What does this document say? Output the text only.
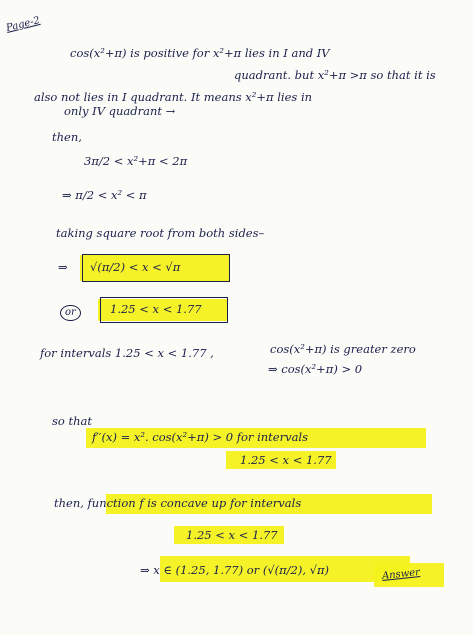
Page-2
cos(x²+π) is positive for x²+π lies in I and IV
quadrant. but x²+π >π so that it is
also not lies in I quadrant. It means x²+π lies in
only IV quadrant →
then,
3π/2 < x²+π < 2π
⇒ π/2 < x² < π
taking square root from both sides–
⇒ √(π/2) < x < √π
or	1.25 < x < 1.77
for intervals 1.25 < x < 1.77 ,	cos(x²+π) is greater zero
⇒ cos(x²+π) > 0
so that
f′′(x) = x². cos(x²+π) > 0 for intervals
1.25 < x < 1.77
then, function f is concave up for intervals
1.25 < x < 1.77
⇒ x ∈ (1.25, 1.77) or (√(π/2), √π)	Answer
